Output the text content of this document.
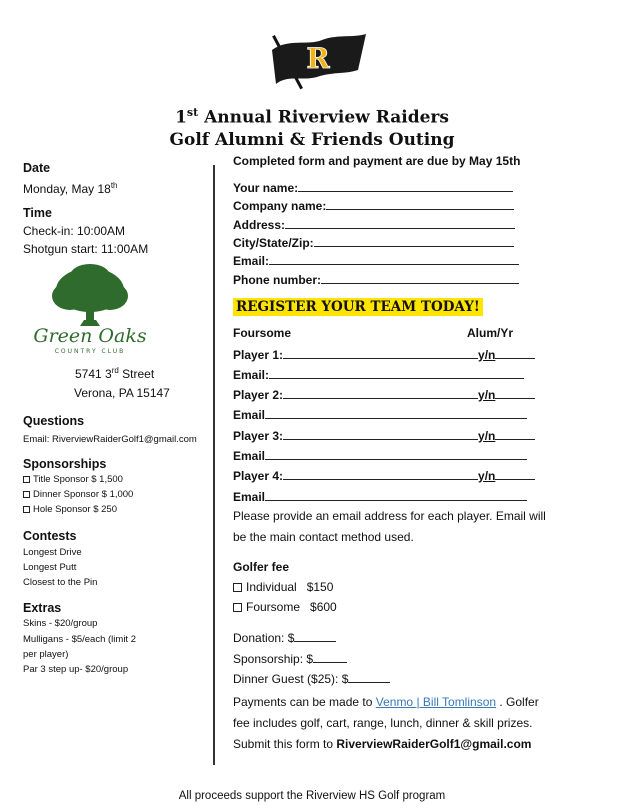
R
1st Annual Riverview Raiders
Golf Alumni & Friends Outing
Date
Monday, May 18th
Time
Check-in: 10:00AM
Shotgun start: 11:00AM
Green Oaks
COUNTRY CLUB
5741 3rd Street
Verona, PA 15147
Questions
Email: RiverviewRaiderGolf1@gmail.com
Sponsorships
Title Sponsor $ 1,500
Dinner Sponsor $ 1,000
Hole Sponsor $ 250
Contests
Longest Drive
Longest Putt
Closest to the Pin
Extras
Skins - $20/group
Mulligans - $5/each (limit 2
per player)
Par 3 step up- $20/group
Completed form and payment are due by May 15th
Your name:
Company name:
Address:
City/State/Zip:
Email:
Phone number:
REGISTER YOUR TEAM TODAY!
Foursome	Alum/Yr
Player 1:	y/n
Email:
Player 2:	y/n
Email
Player 3:	y/n
Email
Player 4:	y/n
Email
Please provide an email address for each player. Email will
be the main contact method used.
Golfer fee
Individual   $150
Foursome   $600
Donation: $
Sponsorship: $
Dinner Guest ($25): $
Payments can be made to Venmo | Bill Tomlinson . Golfer
fee includes golf, cart, range, lunch, dinner & skill prizes.
Submit this form to RiverviewRaiderGolf1@gmail.com
All proceeds support the Riverview HS Golf program
